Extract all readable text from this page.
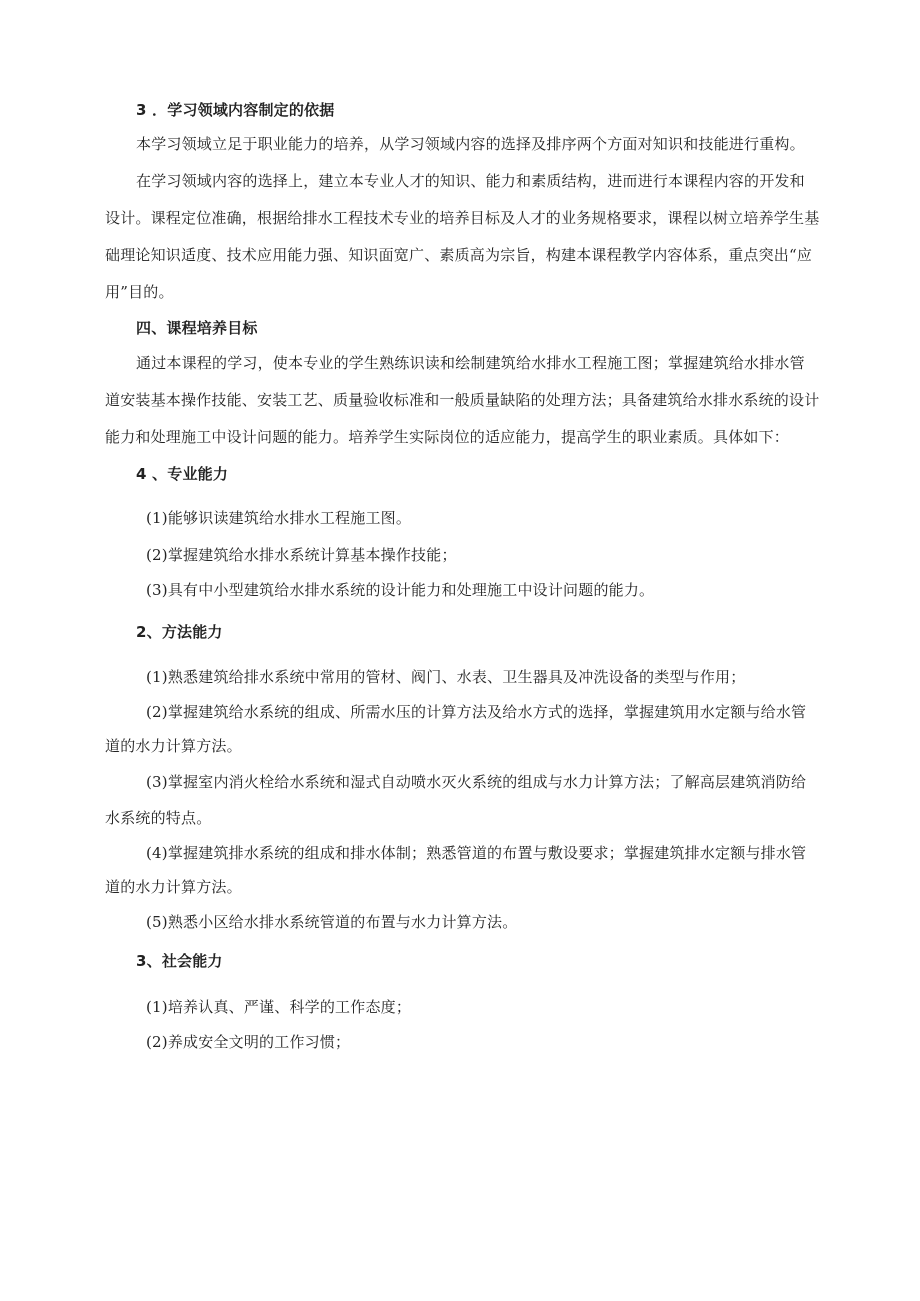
3 ．学习领域内容制定的依据
本学习领域立足于职业能力的培养，从学习领域内容的选择及排序两个方面对知识和技能进行重构。
在学习领域内容的选择上，建立本专业人才的知识、能力和素质结构，进而进行本课程内容的开发和
设计。课程定位准确，根据给排水工程技术专业的培养目标及人才的业务规格要求，课程以树立培养学生基
础理论知识适度、技术应用能力强、知识面宽广、素质高为宗旨，构建本课程教学内容体系，重点突出“应
用”目的。
四、课程培养目标
通过本课程的学习，使本专业的学生熟练识读和绘制建筑给水排水工程施工图；掌握建筑给水排水管
道安装基本操作技能、安装工艺、质量验收标准和一般质量缺陷的处理方法；具备建筑给水排水系统的设计
能力和处理施工中设计问题的能力。培养学生实际岗位的适应能力，提高学生的职业素质。具体如下：
4 、专业能力
(1)能够识读建筑给水排水工程施工图。
(2)掌握建筑给水排水系统计算基本操作技能；
(3)具有中小型建筑给水排水系统的设计能力和处理施工中设计问题的能力。
2、方法能力
(1)熟悉建筑给排水系统中常用的管材、阀门、水表、卫生器具及冲洗设备的类型与作用；
(2)掌握建筑给水系统的组成、所需水压的计算方法及给水方式的选择，掌握建筑用水定额与给水管
道的水力计算方法。
(3)掌握室内消火栓给水系统和湿式自动喷水灭火系统的组成与水力计算方法；了解高层建筑消防给
水系统的特点。
(4)掌握建筑排水系统的组成和排水体制；熟悉管道的布置与敷设要求；掌握建筑排水定额与排水管
道的水力计算方法。
(5)熟悉小区给水排水系统管道的布置与水力计算方法。
3、社会能力
(1)培养认真、严谨、科学的工作态度；
(2)养成安全文明的工作习惯；
